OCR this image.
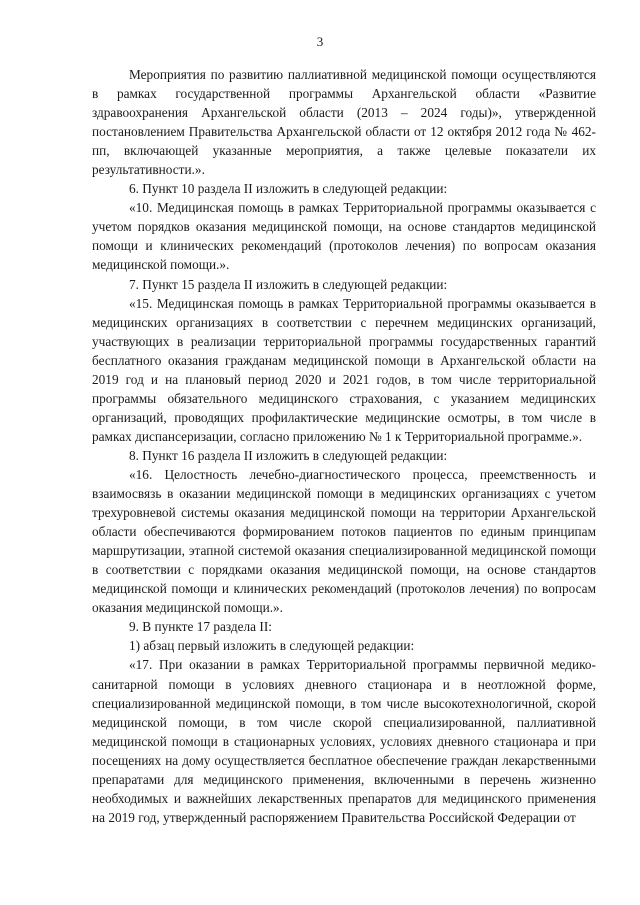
3

Мероприятия по развитию паллиативной медицинской помощи осуществляются в рамках государственной программы Архангельской области «Развитие здравоохранения Архангельской области (2013 – 2024 годы)», утвержденной постановлением Правительства Архангельской области от 12 октября 2012 года № 462-пп, включающей указанные мероприятия, а также целевые показатели их результативности.».

6. Пункт 10 раздела II изложить в следующей редакции:

«10. Медицинская помощь в рамках Территориальной программы оказывается с учетом порядков оказания медицинской помощи, на основе стандартов медицинской помощи и клинических рекомендаций (протоколов лечения) по вопросам оказания медицинской помощи.».

7. Пункт 15 раздела II изложить в следующей редакции:

«15. Медицинская помощь в рамках Территориальной программы оказывается в медицинских организациях в соответствии с перечнем медицинских организаций, участвующих в реализации территориальной программы государственных гарантий бесплатного оказания гражданам медицинской помощи в Архангельской области на 2019 год и на плановый период 2020 и 2021 годов, в том числе территориальной программы обязательного медицинского страхования, с указанием медицинских организаций, проводящих профилактические медицинские осмотры, в том числе в рамках диспансеризации, согласно приложению № 1 к Территориальной программе.».

8. Пункт 16 раздела II изложить в следующей редакции:

«16. Целостность лечебно-диагностического процесса, преемственность и взаимосвязь в оказании медицинской помощи в медицинских организациях с учетом трехуровневой системы оказания медицинской помощи на территории Архангельской области обеспечиваются формированием потоков пациентов по единым принципам маршрутизации, этапной системой оказания специализированной медицинской помощи в соответствии с порядками оказания медицинской помощи, на основе стандартов медицинской помощи и клинических рекомендаций (протоколов лечения) по вопросам оказания медицинской помощи.».

9. В пункте 17 раздела II:

1) абзац первый изложить в следующей редакции:

«17. При оказании в рамках Территориальной программы первичной медико-санитарной помощи в условиях дневного стационара и в неотложной форме, специализированной медицинской помощи, в том числе высокотехнологичной, скорой медицинской помощи, в том числе скорой специализированной, паллиативной медицинской помощи в стационарных условиях, условиях дневного стационара и при посещениях на дому осуществляется бесплатное обеспечение граждан лекарственными препаратами для медицинского применения, включенными в перечень жизненно необходимых и важнейших лекарственных препаратов для медицинского применения на 2019 год, утвержденный распоряжением Правительства Российской Федерации от
